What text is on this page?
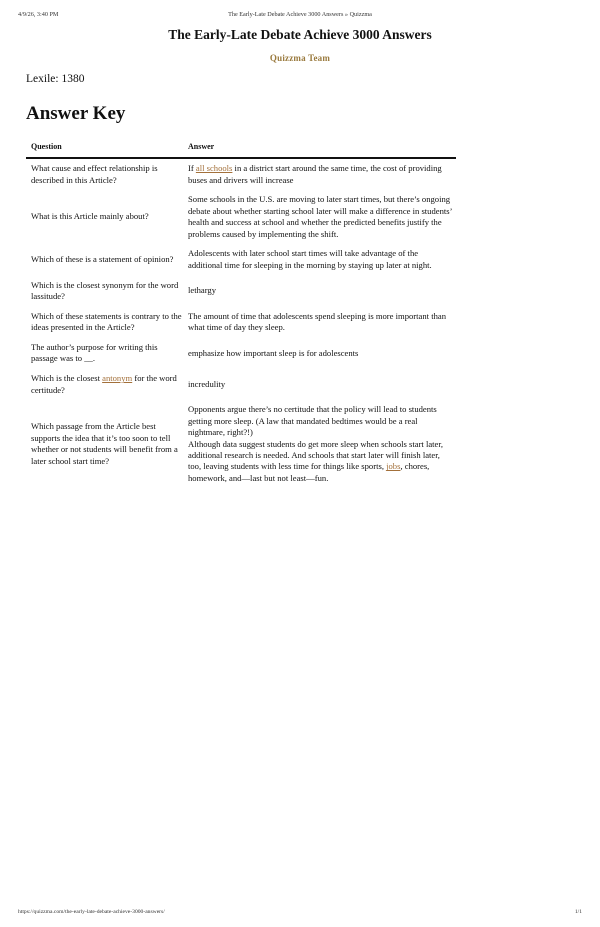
4/9/26, 3:40 PM	The Early-Late Debate Achieve 3000 Answers » Quizzma
The Early-Late Debate Achieve 3000 Answers
Quizzma Team
Lexile: 1380
Answer Key
Question	Answer
What cause and effect relationship is described in this Article?	If all schools in a district start around the same time, the cost of providing buses and drivers will increase
What is this Article mainly about?	Some schools in the U.S. are moving to later start times, but there’s ongoing debate about whether starting school later will make a difference in students’ health and success at school and whether the predicted benefits justify the problems caused by implementing the shift.
Which of these is a statement of opinion?	Adolescents with later school start times will take advantage of the additional time for sleeping in the morning by staying up later at night.
Which is the closest synonym for the word lassitude?	lethargy
Which of these statements is contrary to the ideas presented in the Article?	The amount of time that adolescents spend sleeping is more important than what time of day they sleep.
The author’s purpose for writing this passage was to __.	emphasize how important sleep is for adolescents
Which is the closest antonym for the word certitude?	incredulity
Which passage from the Article best supports the idea that it’s too soon to tell whether or not students will benefit from a later school start time?	Opponents argue there’s no certitude that the policy will lead to students getting more sleep. (A law that mandated bedtimes would be a real nightmare, right?!)
Although data suggest students do get more sleep when schools start later, additional research is needed. And schools that start later will finish later, too, leaving students with less time for things like sports, jobs, chores, homework, and—last but not least—fun.
https://quizzma.com/the-early-late-debate-achieve-3000-answers/	1/1
